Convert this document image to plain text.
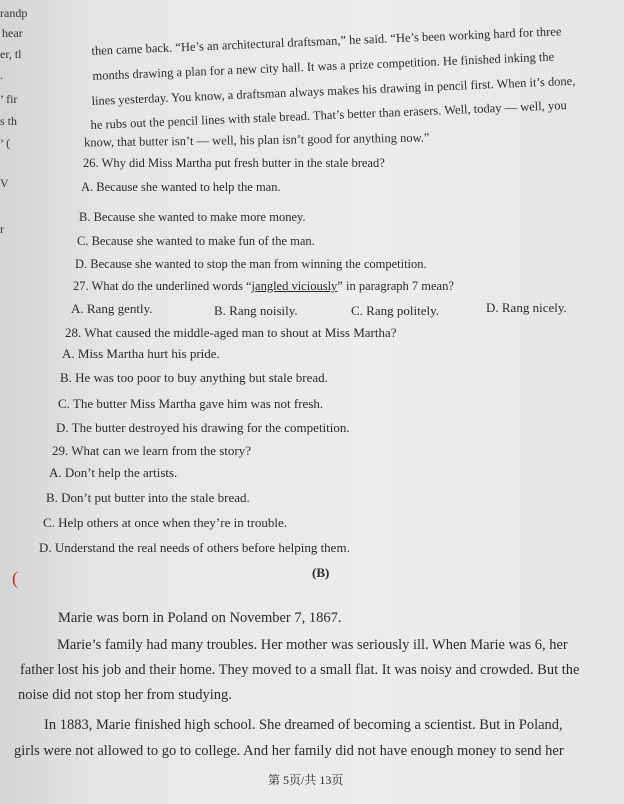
randp
hear
er, tl
.
’ fir
s th
’ (
V
r
then came back. “He’s an architectural draftsman,” he said. “He’s been working hard for three
months drawing a plan for a new city hall. It was a prize competition. He finished inking the
lines yesterday. You know, a draftsman always makes his drawing in pencil first. When it’s done,
he rubs out the pencil lines with stale bread. That’s better than erasers. Well, today — well, you
know, that butter isn’t — well, his plan isn’t good for anything now.”
26. Why did Miss Martha put fresh butter in the stale bread?
A. Because she wanted to help the man.
B. Because she wanted to make more money.
C. Because she wanted to make fun of the man.
D. Because she wanted to stop the man from winning the competition.
27. What do the underlined words “jangled viciously” in paragraph 7 mean?
A. Rang gently.	B. Rang noisily.	C. Rang politely.	D. Rang nicely.
28. What caused the middle-aged man to shout at Miss Martha?
A. Miss Martha hurt his pride.
B. He was too poor to buy anything but stale bread.
C. The butter Miss Martha gave him was not fresh.
D. The butter destroyed his drawing for the competition.
29. What can we learn from the story?
A. Don’t help the artists.
B. Don’t put butter into the stale bread.
C. Help others at once when they’re in trouble.
D. Understand the real needs of others before helping them.
(	(B)
Marie was born in Poland on November 7, 1867.
Marie’s family had many troubles. Her mother was seriously ill. When Marie was 6, her
father lost his job and their home. They moved to a small flat. It was noisy and crowded. But the
noise did not stop her from studying.
In 1883, Marie finished high school. She dreamed of becoming a scientist. But in Poland,
girls were not allowed to go to college. And her family did not have enough money to send her
第 5页/共 13页
